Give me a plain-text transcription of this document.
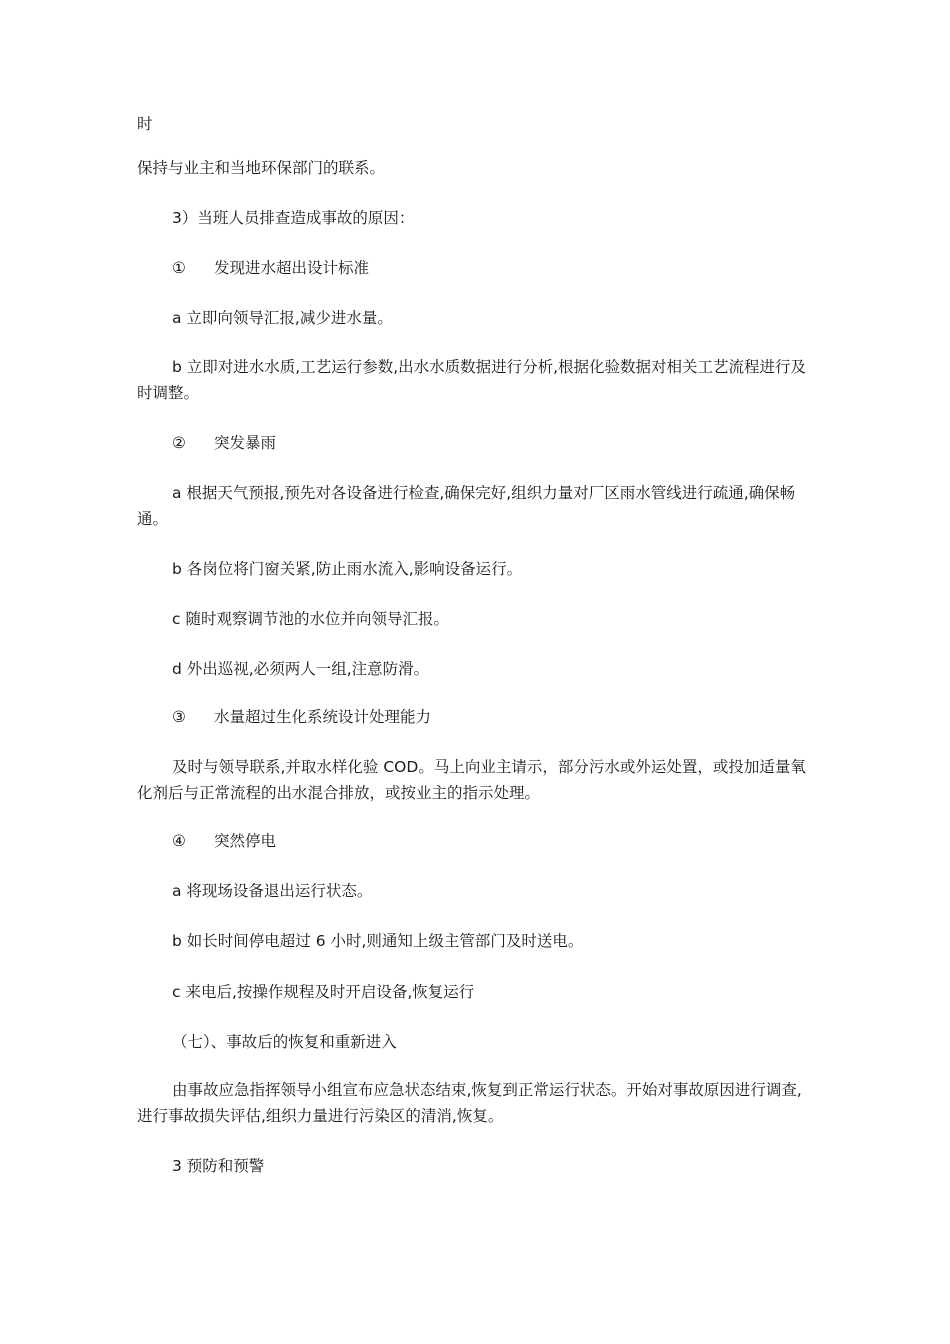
时

保持与业主和当地环保部门的联系。

3）当班人员排查造成事故的原因：

① 发现进水超出设计标准

a 立即向领导汇报,减少进水量。

b 立即对进水水质,工艺运行参数,出水水质数据进行分析,根据化验数据对相关工艺流程进行及时调整。

② 突发暴雨

a 根据天气预报,预先对各设备进行检查,确保完好,组织力量对厂区雨水管线进行疏通,确保畅通。

b 各岗位将门窗关紧,防止雨水流入,影响设备运行。

c 随时观察调节池的水位并向领导汇报。

d 外出巡视,必须两人一组,注意防滑。

③ 水量超过生化系统设计处理能力

及时与领导联系,并取水样化验 COD。马上向业主请示，部分污水或外运处置，或投加适量氧化剂后与正常流程的出水混合排放，或按业主的指示处理。

④ 突然停电

a 将现场设备退出运行状态。

b 如长时间停电超过 6 小时,则通知上级主管部门及时送电。

c 来电后,按操作规程及时开启设备,恢复运行

（七）、事故后的恢复和重新进入

由事故应急指挥领导小组宣布应急状态结束,恢复到正常运行状态。开始对事故原因进行调查,进行事故损失评估,组织力量进行污染区的清消,恢复。

3 预防和预警
